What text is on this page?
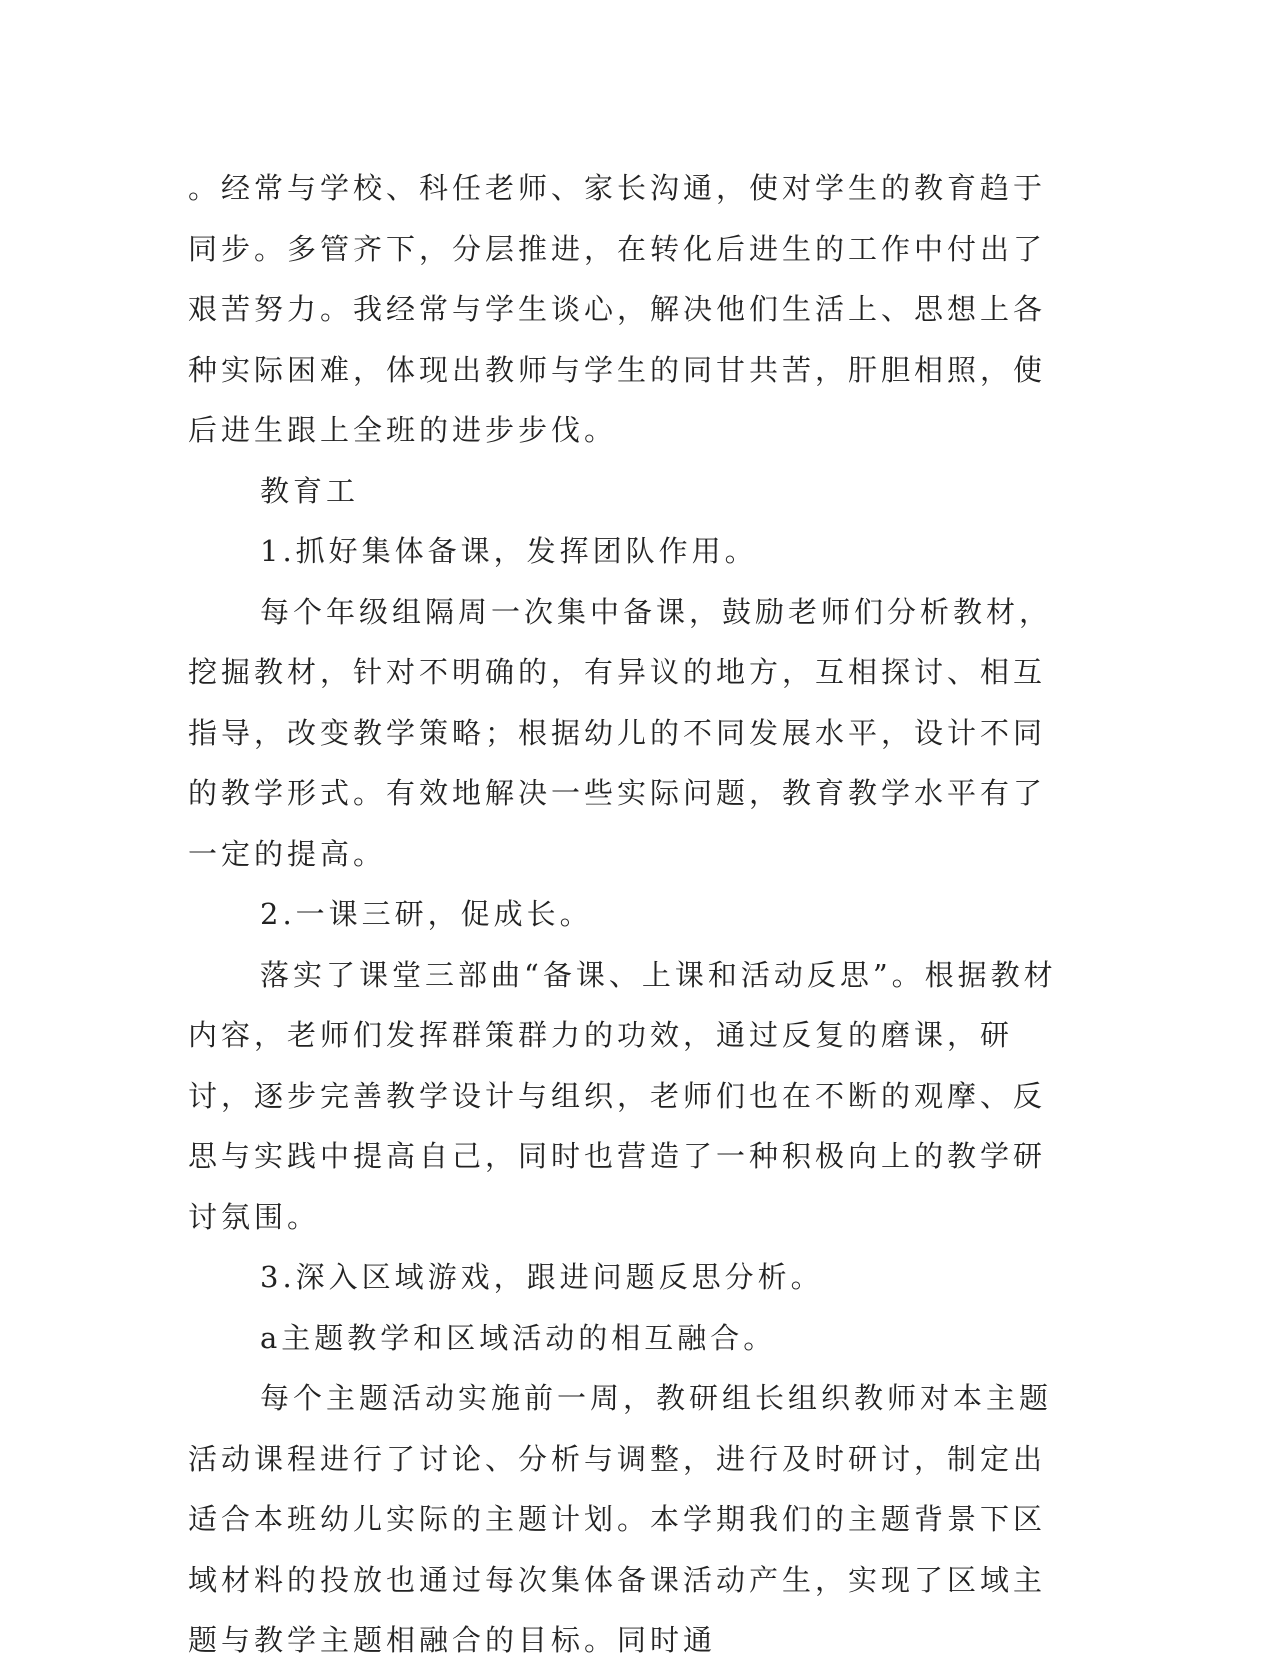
。经常与学校、科任老师、家长沟通，使对学生的教育趋于同步。多管齐下，分层推进，在转化后进生的工作中付出了艰苦努力。我经常与学生谈心，解决他们生活上、思想上各种实际困难，体现出教师与学生的同甘共苦，肝胆相照，使后进生跟上全班的进步步伐。

教育工

1.抓好集体备课，发挥团队作用。

每个年级组隔周一次集中备课，鼓励老师们分析教材，挖掘教材，针对不明确的，有异议的地方，互相探讨、相互指导，改变教学策略；根据幼儿的不同发展水平，设计不同的教学形式。有效地解决一些实际问题，教育教学水平有了一定的提高。

2.一课三研，促成长。

落实了课堂三部曲“备课、上课和活动反思”。根据教材内容，老师们发挥群策群力的功效，通过反复的磨课，研讨，逐步完善教学设计与组织，老师们也在不断的观摩、反思与实践中提高自己，同时也营造了一种积极向上的教学研讨氛围。

3.深入区域游戏，跟进问题反思分析。

a主题教学和区域活动的相互融合。

每个主题活动实施前一周，教研组长组织教师对本主题活动课程进行了讨论、分析与调整，进行及时研讨，制定出适合本班幼儿实际的主题计划。本学期我们的主题背景下区域材料的投放也通过每次集体备课活动产生，实现了区域主题与教学主题相融合的目标。同时通
